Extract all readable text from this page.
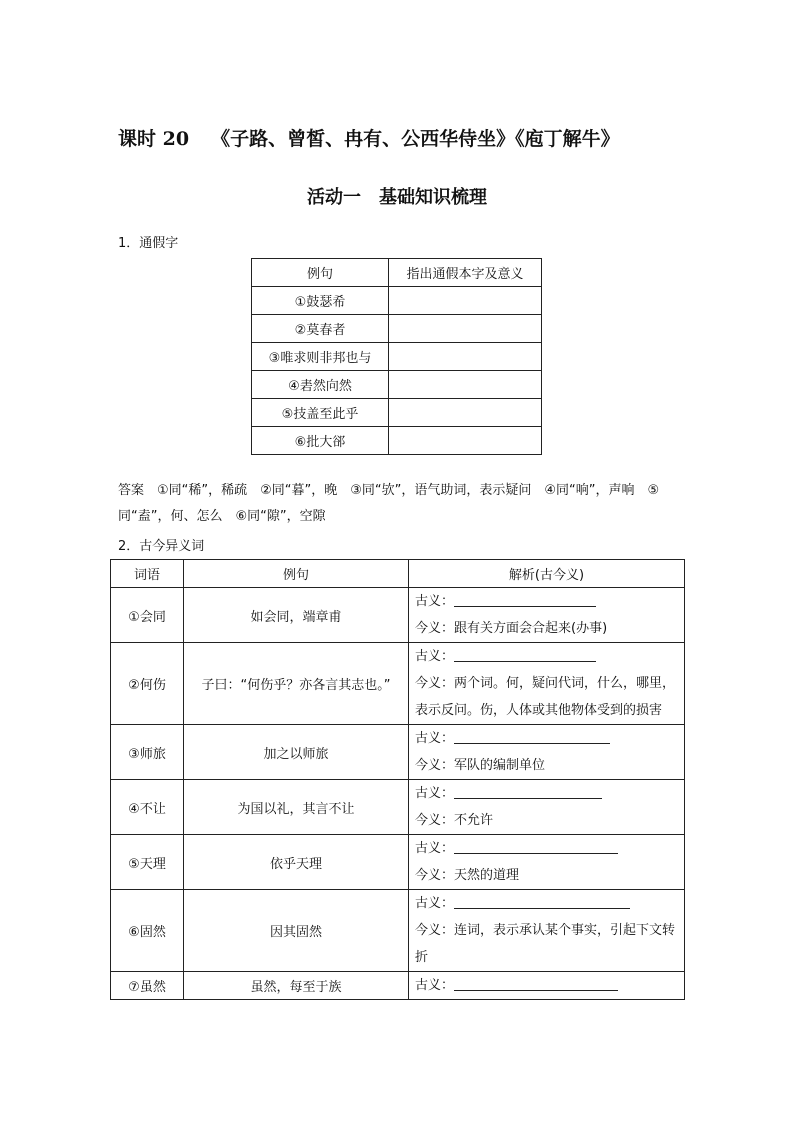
课时 20 《子路、曾皙、冉有、公西华侍坐》《庖丁解牛》
活动一　基础知识梳理
1．通假字
例句	指出通假本字及意义
①鼓瑟希	
②莫春者	
③唯求则非邦也与	
④砉然向然	
⑤技盖至此乎	
⑥批大郤	
答案　 ①同“稀”，稀疏　②同“暮”，晚　③同“欤”，语气助词，表示疑问　④同“响”，声响　⑤同“盍”，何、怎么　⑥同“隙”，空隙
2．古今异义词
词语	例句	解析(古今义)
①会同	如会同，端章甫	古义：
今义：跟有关方面会合起来(办事)
②何伤	子曰：“何伤乎？亦各言其志也。”	古义：
今义：两个词。何，疑问代词，什么，哪里，表示反问。伤，人体或其他物体受到的损害
③师旅	加之以师旅	古义：
今义：军队的编制单位
④不让	为国以礼，其言不让	古义：
今义：不允许
⑤天理	依乎天理	古义：
今义：天然的道理
⑥固然	因其固然	古义：
今义：连词，表示承认某个事实，引起下文转折
⑦虽然	虽然，每至于族	古义：
